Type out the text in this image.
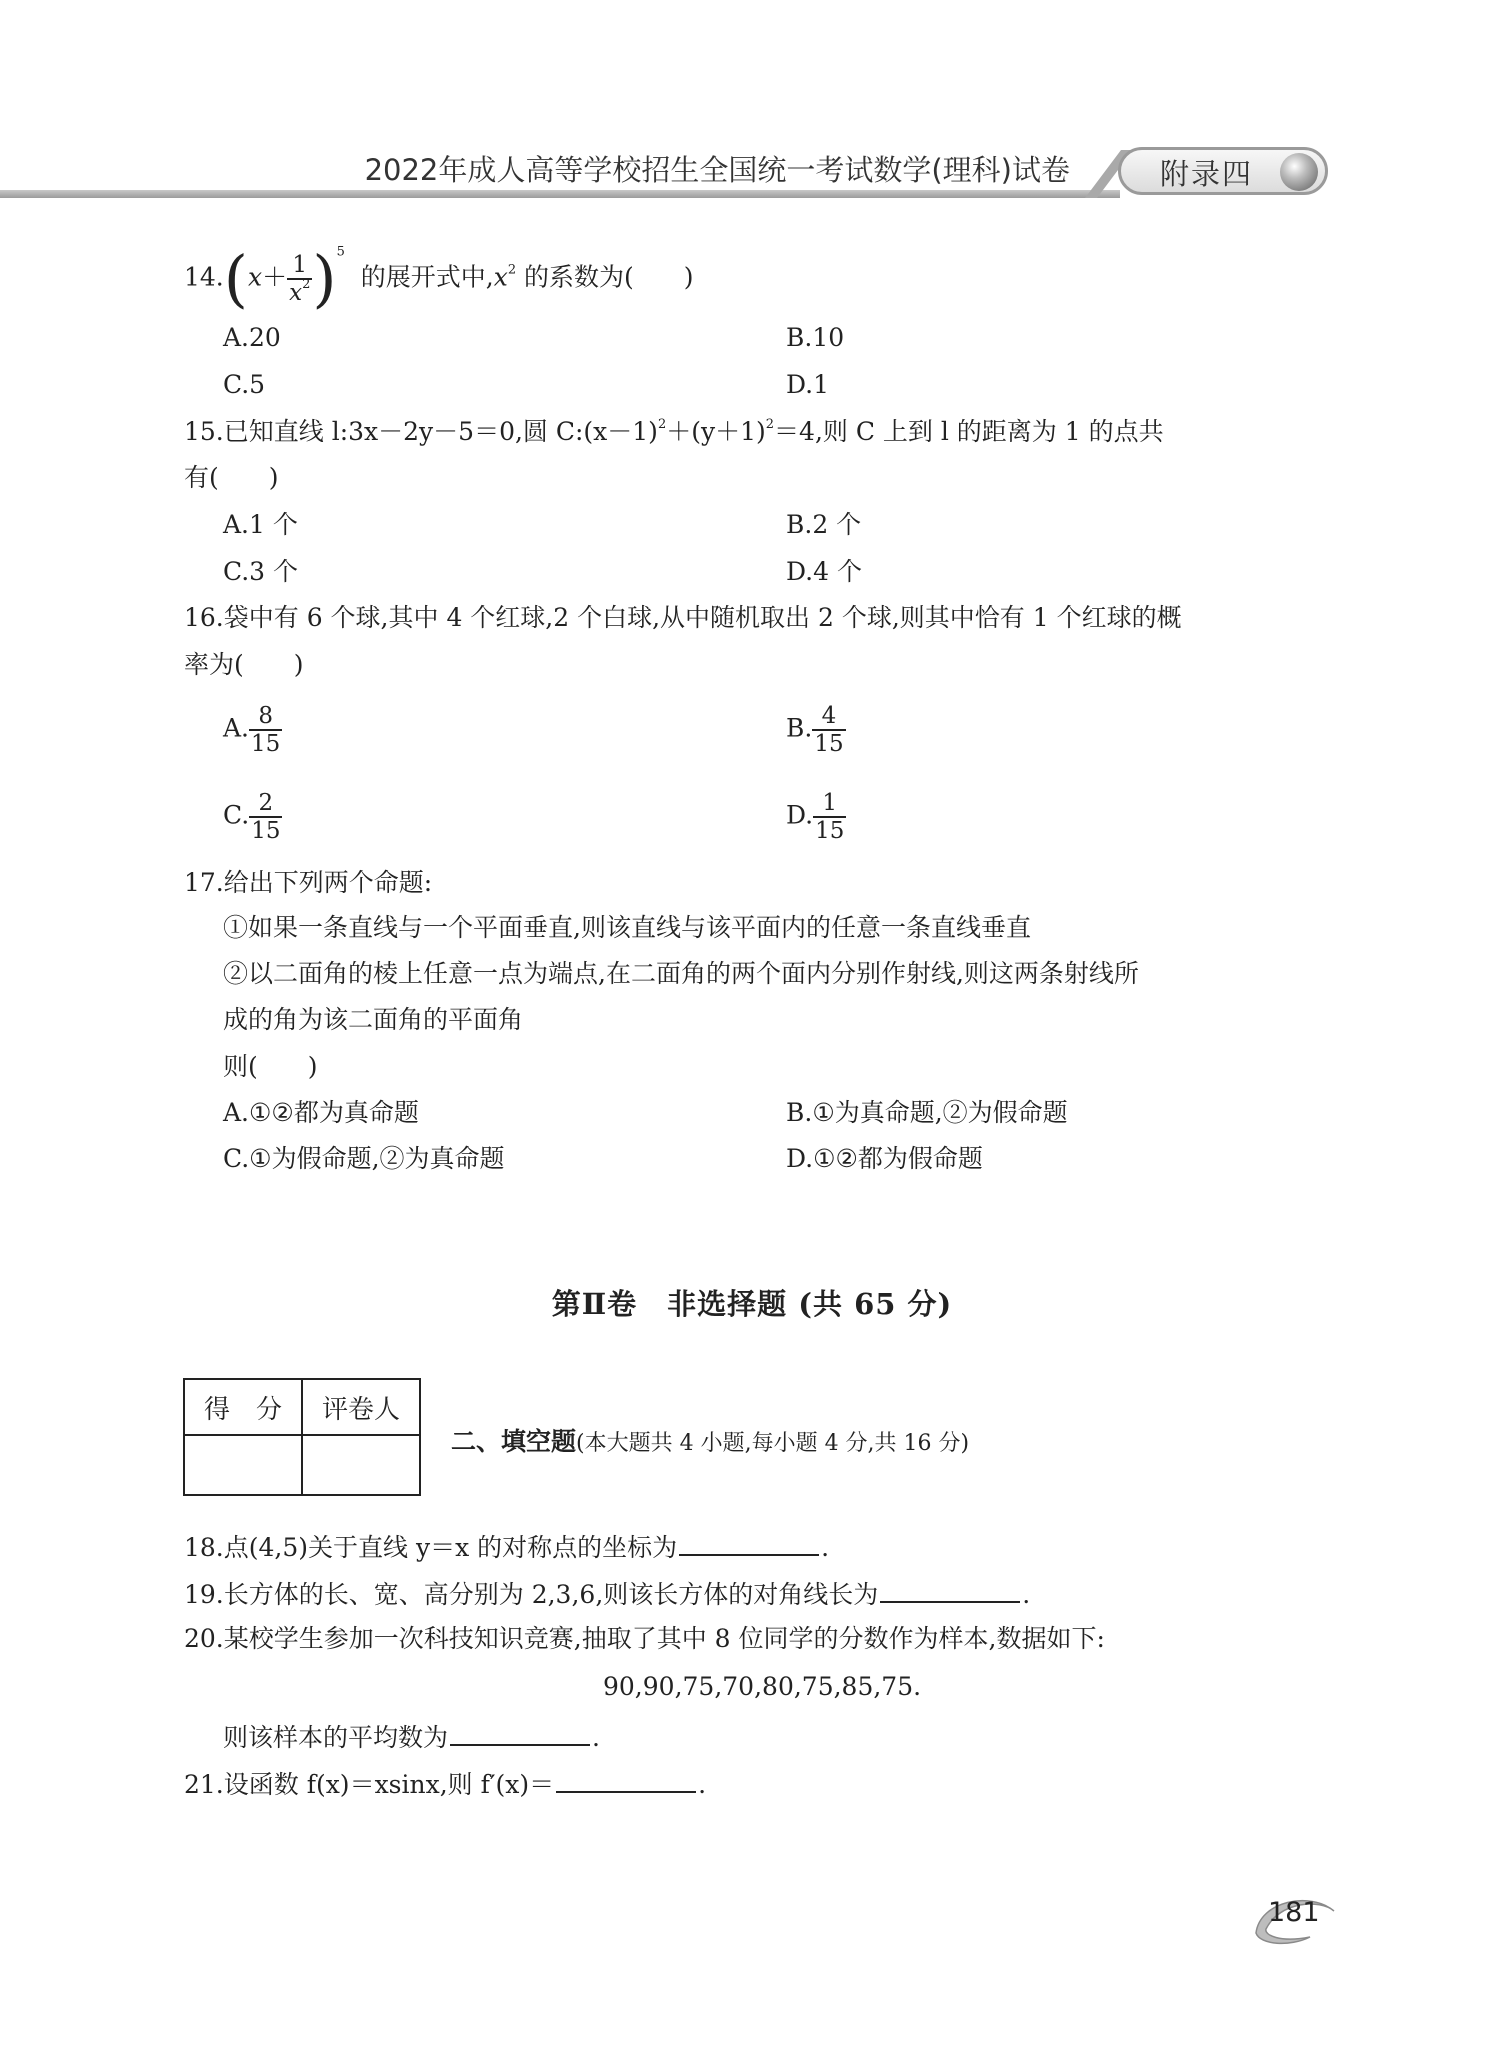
2022年成人高等学校招生全国统一考试数学(理科)试卷	附录四
$14.(x+ \frac{1}{x^2} )^5$  的展开式中$,x^2$ 的系数为(　　)
A.20	B.10
C.5	D.1
15.已知直线 l:3x－2y－5＝0,圆 $C:(x-1)^2+(y+1)^2=4$,则 C 上到 l 的距离为 1 的点共
有(　　)
A.1 个	B.2 个
C.3 个	D.4 个
16.袋中有 6 个球,其中 4 个红球,2 个白球,从中随机取出 2 个球,则其中恰有 1 个红球的概
率为(　　)
A. $\frac{8}{15}$	B. $\frac{4}{15}$
C. $\frac{2}{15}$	D. $\frac{1}{15}$
17.给出下列两个命题:
①如果一条直线与一个平面垂直,则该直线与该平面内的任意一条直线垂直
②以二面角的棱上任意一点为端点,在二面角的两个面内分别作射线,则这两条射线所
成的角为该二面角的平面角
则(　　)
A.①②都为真命题	B.①为真命题,②为假命题
C.①为假命题,②为真命题	D.①②都为假命题
第Ⅱ卷　非选择题 (共 65 分)
得　分	评卷人

二、填空题(本大题共 4 小题,每小题 4 分,共 16 分)
18.点(4,5)关于直线 y＝x 的对称点的坐标为	.
19.长方体的长、宽、高分别为 2,3,6,则该长方体的对角线长为	.
20.某校学生参加一次科技知识竞赛,抽取了其中 8 位同学的分数作为样本,数据如下:
90,90,75,70,80,75,85,75.
则该样本的平均数为	.
21.设函数 f(x)＝xsinx,则 f′(x)＝	.
181
